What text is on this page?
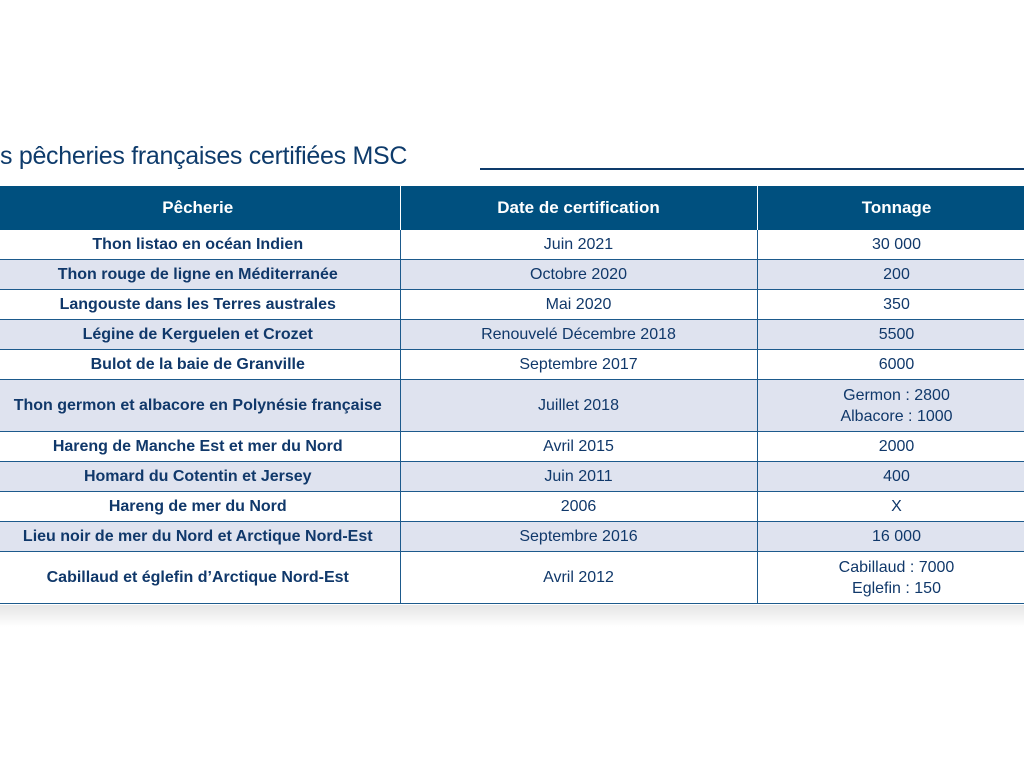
s pêcheries françaises certifiées MSC
Pêcherie	Date de certification	Tonnage
Thon listao en océan Indien	Juin 2021	30 000

Thon rouge de ligne en Méditerranée	Octobre 2020	200

Langouste dans les Terres australes	Mai 2020	350

Légine de Kerguelen et Crozet	Renouvelé Décembre 2018	5500

Bulot de la baie de Granville	Septembre 2017	6000

Thon germon et albacore en Polynésie française	Juillet 2018	Germon : 2800
Albacore : 1000

Hareng de Manche Est et mer du Nord	Avril 2015	2000

Homard du Cotentin et Jersey	Juin 2011	400

Hareng de mer du Nord	2006	X

Lieu noir de mer du Nord et Arctique Nord-Est	Septembre 2016	16 000

Cabillaud et églefin d’Arctique Nord-Est	Avril 2012	Cabillaud : 7000
Eglefin : 150
